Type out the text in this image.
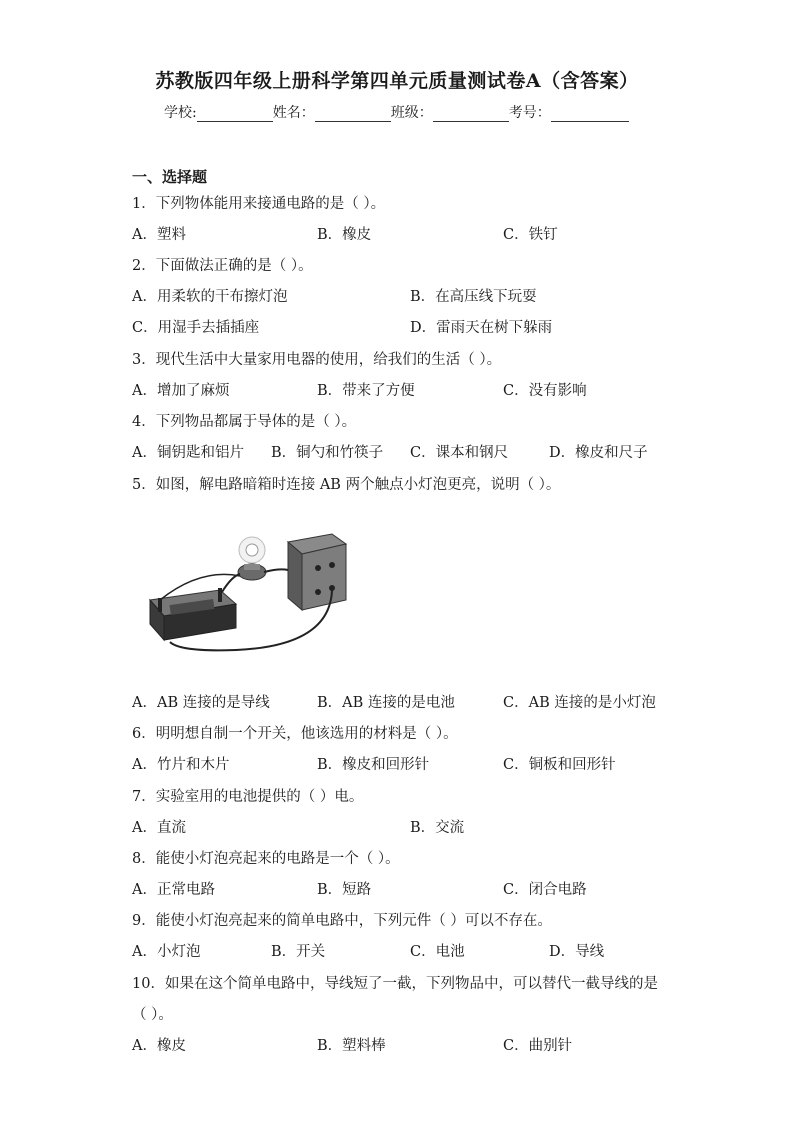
苏教版四年级上册科学第四单元质量测试卷A（含答案）
学校:	姓名：	班级：	考号：
一、选择题
1．下列物体能用来接通电路的是（ ）。
A．塑料	B．橡皮	C．铁钉
2．下面做法正确的是（ ）。
A．用柔软的干布擦灯泡	B．在高压线下玩耍
C．用湿手去插插座	D．雷雨天在树下躲雨
3．现代生活中大量家用电器的使用，给我们的生活（ ）。
A．增加了麻烦	B．带来了方便	C．没有影响
4．下列物品都属于导体的是（ ）。
A．铜钥匙和铝片 B．铜勺和竹筷子 C．课本和钢尺	D．橡皮和尺子
5．如图，解电路暗箱时连接 AB 两个触点小灯泡更亮，说明（ ）。
A．AB 连接的是导线	B．AB 连接的是电池	C．AB 连接的是小灯泡
6．明明想自制一个开关，他该选用的材料是（ ）。
A．竹片和木片	B．橡皮和回形针	C．铜板和回形针
7．实验室用的电池提供的（ ）电。
A．直流	B．交流
8．能使小灯泡亮起来的电路是一个（ ）。
A．正常电路	B．短路	C．闭合电路
9．能使小灯泡亮起来的简单电路中，下列元件（ ）可以不存在。
A．小灯泡	B．开关	C．电池	D．导线
10．如果在这个简单电路中，导线短了一截，下列物品中，可以替代一截导线的是
（ ）。
A．橡皮	B．塑料棒	C．曲别针
